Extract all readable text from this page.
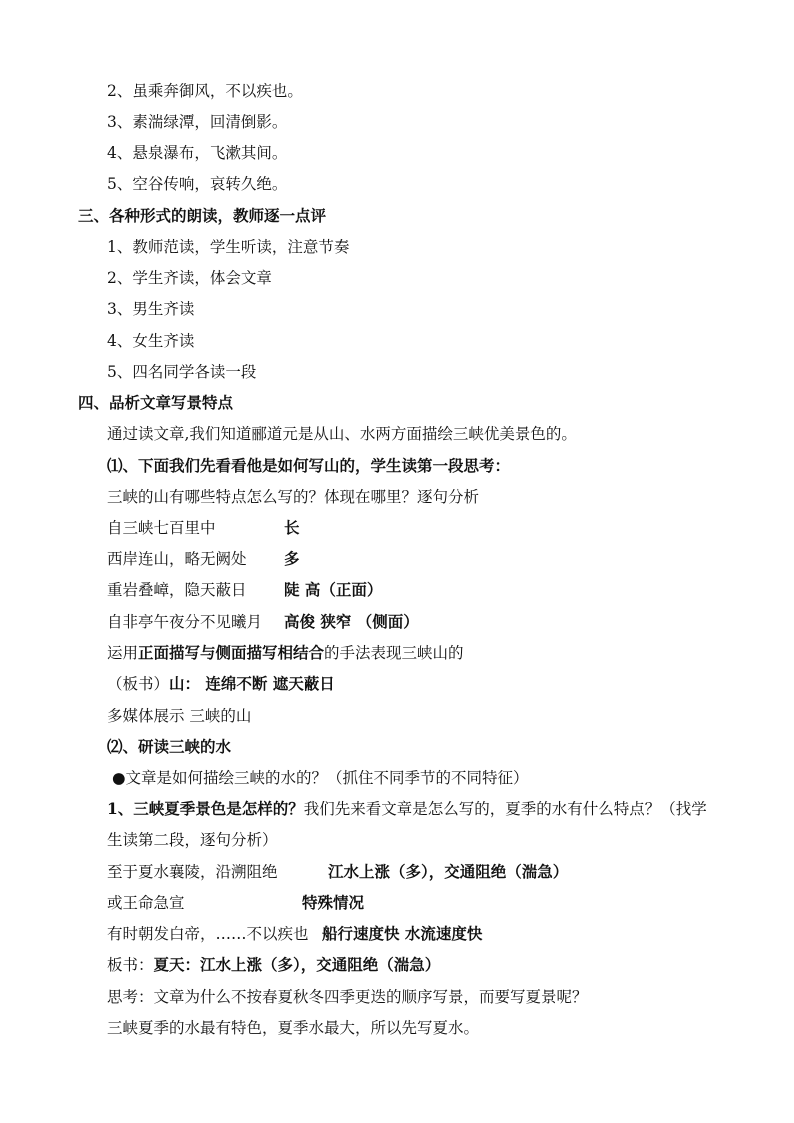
2、虽乘奔御风，不以疾也。
3、素湍绿潭，回清倒影。
4、悬泉瀑布，飞漱其间。
5、空谷传响，哀转久绝。
三、各种形式的朗读，教师逐一点评
1、教师范读，学生听读，注意节奏
2、学生齐读，体会文章
3、男生齐读
4、女生齐读
5、四名同学各读一段
四、品析文章写景特点
通过读文章,我们知道郦道元是从山、水两方面描绘三峡优美景色的。
⑴、下面我们先看看他是如何写山的，学生读第一段思考：
三峡的山有哪些特点怎么写的？体现在哪里？逐句分析
自三峡七百里中	长
西岸连山，略无阙处 多
重岩叠嶂，隐天蔽日 陡 高（正面）
自非亭午夜分不见曦月 高俊 狭窄 （侧面）
运用正面描写与侧面描写相结合的手法表现三峡山的
（板书）山： 连绵不断 遮天蔽日
多媒体展示 三峡的山
⑵、研读三峡的水
●文章是如何描绘三峡的水的？（抓住不同季节的不同特征）
1、三峡夏季景色是怎样的？我们先来看文章是怎么写的，夏季的水有什么特点？（找学
生读第二段，逐句分析）
至于夏水襄陵，沿溯阻绝	江水上涨（多），交通阻绝（湍急）
或王命急宣	特殊情况
有时朝发白帝，……不以疾也 船行速度快 水流速度快
板书：夏天：江水上涨（多），交通阻绝（湍急）
思考：文章为什么不按春夏秋冬四季更迭的顺序写景，而要写夏景呢？
三峡夏季的水最有特色，夏季水最大，所以先写夏水。
